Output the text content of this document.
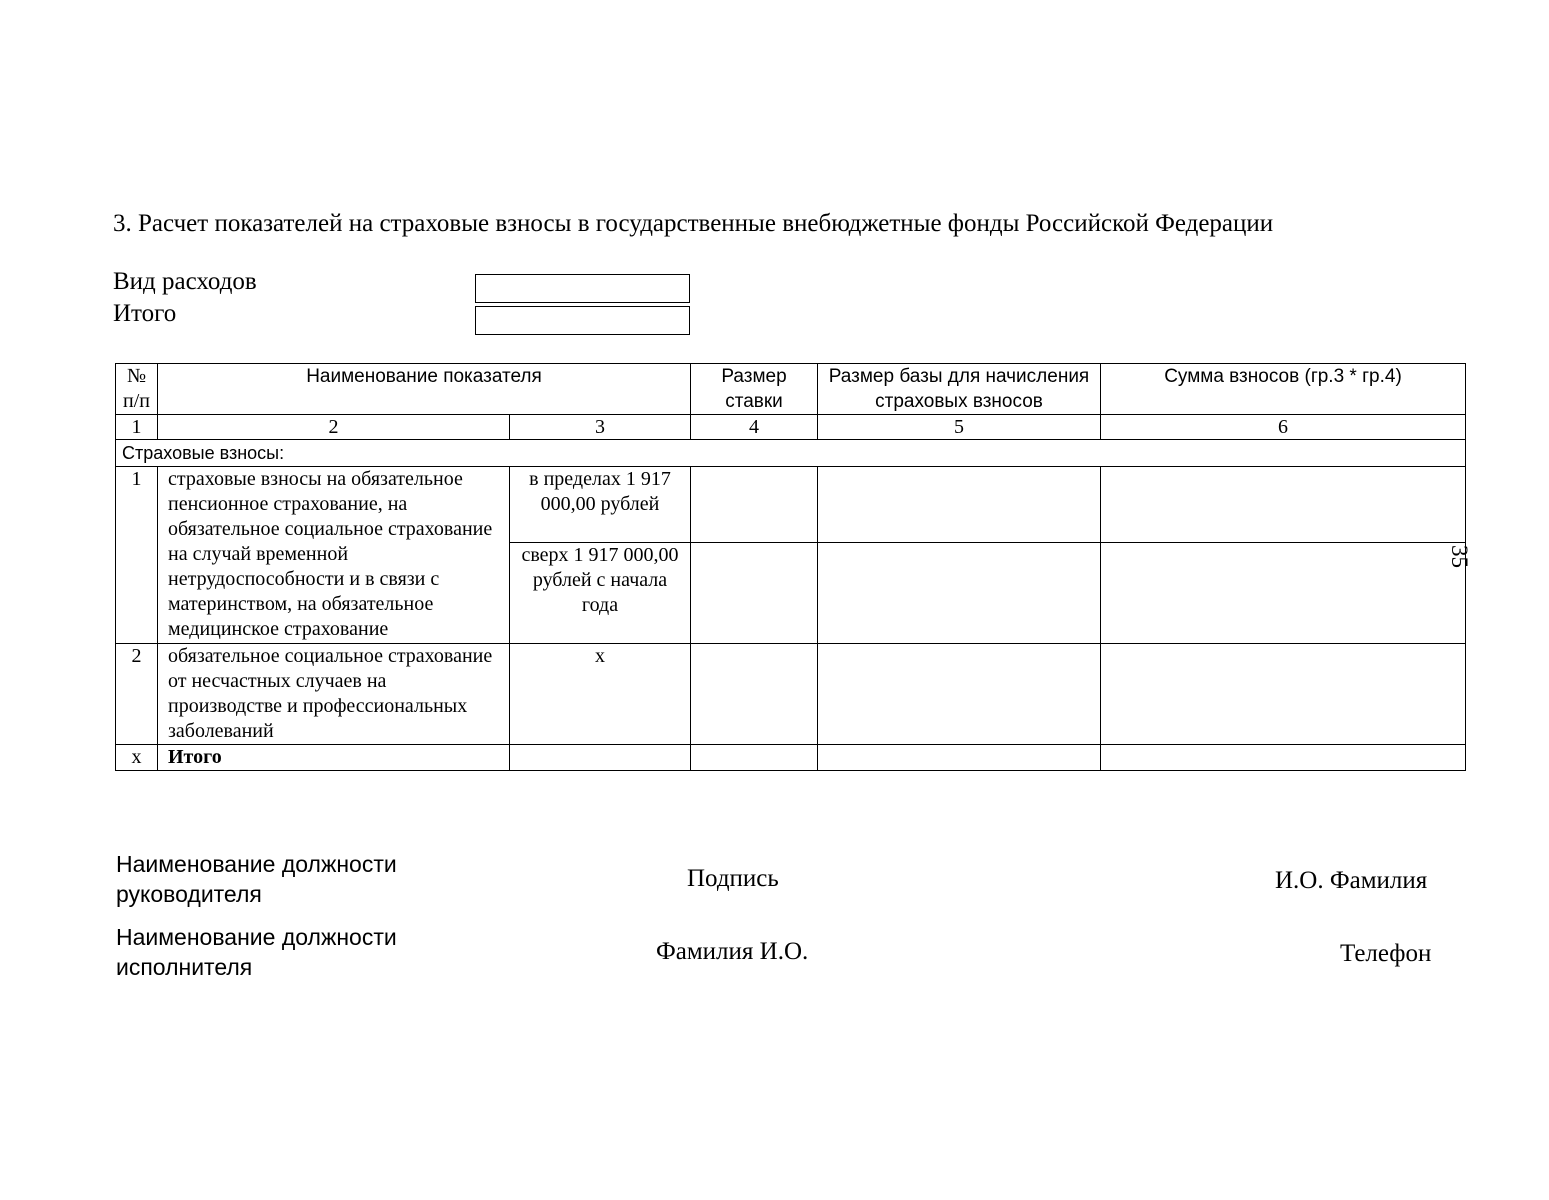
3. Расчет показателей на страховые взносы в государственные внебюджетные фонды Российской Федерации
Вид расходов
Итого
№ п/п	Наименование показателя		Размер ставки	Размер базы для начисления страховых взносов	Сумма взносов (гр.3 * гр.4)
1	2	3	4	5	6
Страховые взносы:					
1	страховые взносы на обязательное пенсионное страхование, на обязательное социальное страхование на случай временной нетрудоспособности и в связи с материнством, на обязательное медицинское страхование	в пределах 1 917 000,00 рублей			
		сверх 1 917 000,00 рублей с начала года			
2	обязательное социальное страхование от несчастных случаев на производстве и профессиональных заболеваний	х			
х	Итого				
Наименование должности руководителя
Подпись	И.О. Фамилия
Наименование должности исполнителя
Фамилия И.О.	Телефон
35
